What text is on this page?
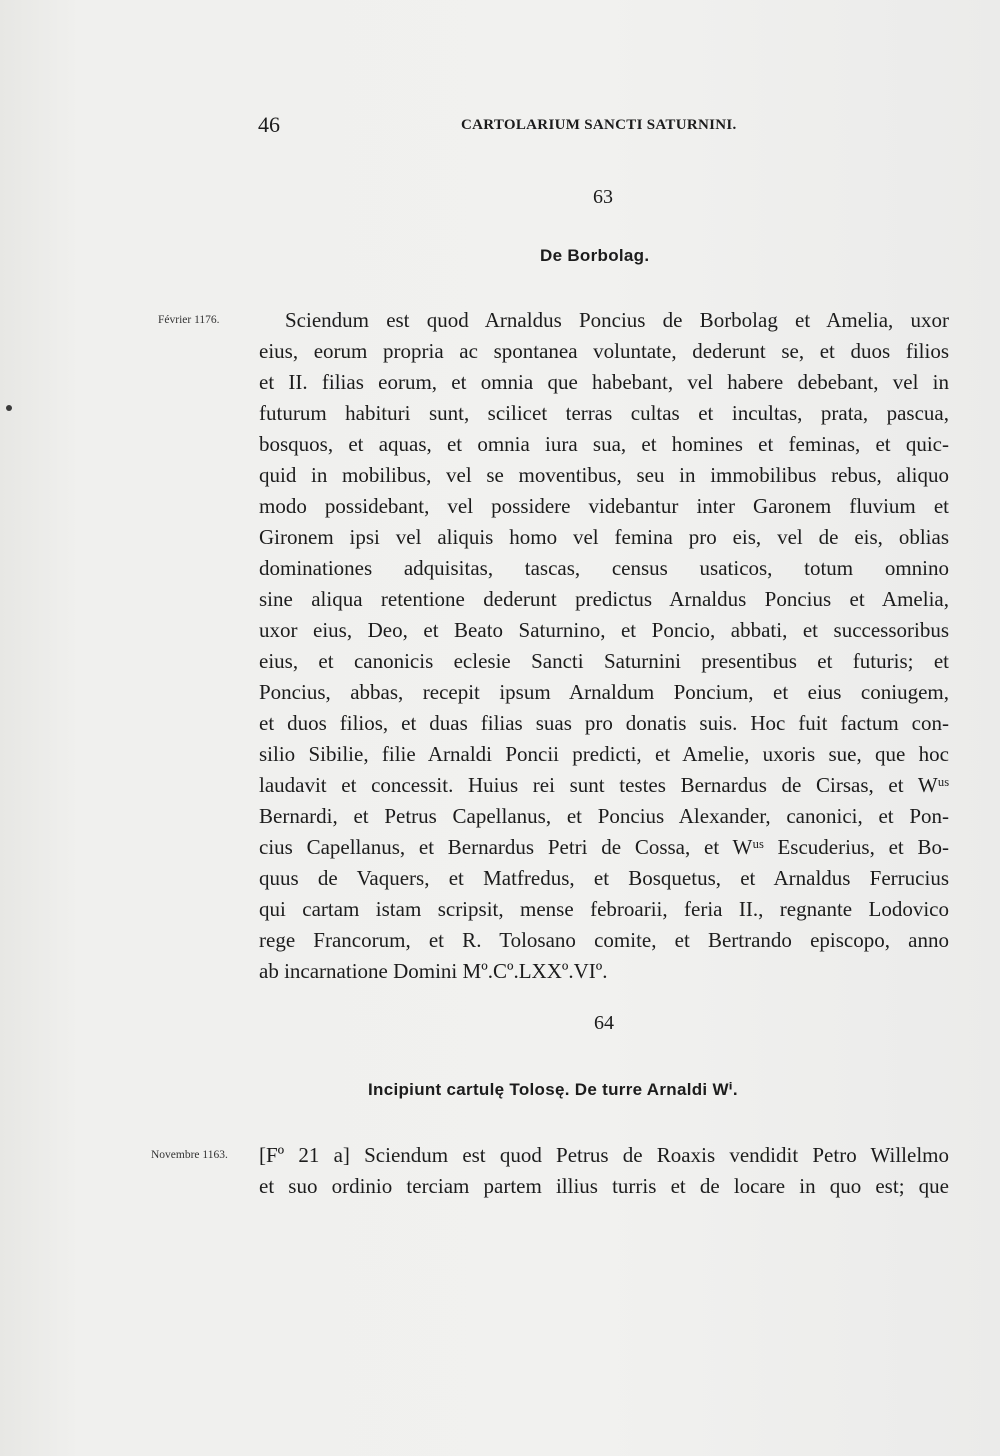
46	CARTOLARIUM SANCTI SATURNINI.
63
De Borbolag.
Février 1176.	Sciendum est quod Arnaldus Poncius de Borbolag et Amelia, uxor
eius, eorum propria ac spontanea voluntate, dederunt se, et duos filios
et II. filias eorum, et omnia que habebant, vel habere debebant, vel in
futurum habituri sunt, scilicet terras cultas et incultas, prata, pascua,
bosquos, et aquas, et omnia iura sua, et homines et feminas, et quic-
quid in mobilibus, vel se moventibus, seu in immobilibus rebus, aliquo
modo possidebant, vel possidere videbantur inter Garonem fluvium et
Gironem ipsi vel aliquis homo vel femina pro eis, vel de eis, oblias
dominationes adquisitas, tascas, census usaticos, totum omnino
sine aliqua retentione dederunt predictus Arnaldus Poncius et Amelia,
uxor eius, Deo, et Beato Saturnino, et Poncio, abbati, et successoribus
eius, et canonicis eclesie Sancti Saturnini presentibus et futuris; et
Poncius, abbas, recepit ipsum Arnaldum Poncium, et eius coniugem,
et duos filios, et duas filias suas pro donatis suis. Hoc fuit factum con-
silio Sibilie, filie Arnaldi Poncii predicti, et Amelie, uxoris sue, que hoc
laudavit et concessit. Huius rei sunt testes Bernardus de Cirsas, et Wᵘˢ
Bernardi, et Petrus Capellanus, et Poncius Alexander, canonici, et Pon-
cius Capellanus, et Bernardus Petri de Cossa, et Wᵘˢ Escuderius, et Bo-
quus de Vaquers, et Matfredus, et Bosquetus, et Arnaldus Ferrucius
qui cartam istam scripsit, mense febroarii, feria II., regnante Lodovico
rege Francorum, et R. Tolosano comite, et Bertrando episcopo, anno
ab incarnatione Domini Mº.Cº.LXXº.VIº.
64
Incipiunt cartulę Tolosę. De turre Arnaldi Wⁱ.
Novembre 1163. [Fº 21 a] Sciendum est quod Petrus de Roaxis vendidit Petro Willelmo
et suo ordinio terciam partem illius turris et de locare in quo est; que
